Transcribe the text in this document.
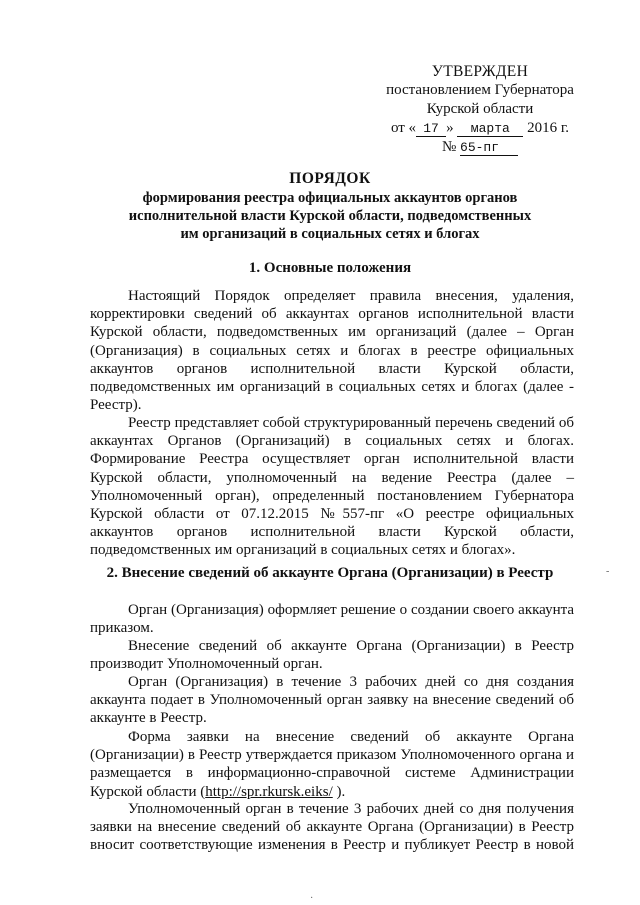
УТВЕРЖДЕН
постановлением Губернатора
Курской области
от « 17 » марта 2016 г.
№ 65-пг
ПОРЯДОК
формирования реестра официальных аккаунтов органов
исполнительной власти Курской области, подведомственных
им организаций в социальных сетях и блогах
1. Основные положения
Настоящий Порядок определяет правила внесения, удаления,
корректировки сведений об аккаунтах органов исполнительной власти
Курской области, подведомственных им организаций (далее – Орган
(Организация) в социальных сетях и блогах в реестре официальных
аккаунтов органов исполнительной власти Курской области,
подведомственных им организаций в социальных сетях и блогах (далее -
Реестр).
Реестр представляет собой структурированный перечень сведений об
аккаунтах Органов (Организаций) в социальных сетях и блогах.
Формирование Реестра осуществляет орган исполнительной власти
Курской области, уполномоченный на ведение Реестра (далее –
Уполномоченный орган), определенный постановлением Губернатора
Курской области от 07.12.2015 №557-пг «О реестре официальных
аккаунтов органов исполнительной власти Курской области,
подведомственных им организаций в социальных сетях и блогах».
2. Внесение сведений об аккаунте Органа (Организации) в Реестр
Орган (Организация) оформляет решение о создании своего аккаунта
приказом.
Внесение сведений об аккаунте Органа (Организации) в Реестр
производит Уполномоченный орган.
Орган (Организация) в течение 3 рабочих дней со дня создания
аккаунта подает в Уполномоченный орган заявку на внесение сведений об
аккаунте в Реестр.
Форма заявки на внесение сведений об аккаунте Органа
(Организации) в Реестр утверждается приказом Уполномоченного органа и
размещается в информационно-справочной системе Администрации
Курской области (http://spr.rkursk.eiks/ ).
Уполномоченный орган в течение 3 рабочих дней со дня получения
заявки на внесение сведений об аккаунте Органа (Организации) в Реестр
вносит соответствующие изменения в Реестр и публикует Реестр в новой
-
·
